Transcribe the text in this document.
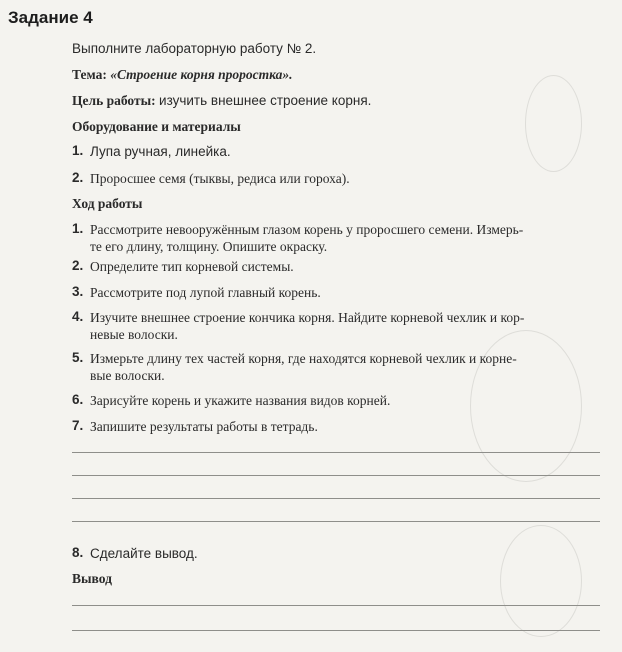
Задание 4
Выполните лабораторную работу № 2.
Тема: «Строение корня проростка».
Цель работы: изучить внешнее строение корня.
Оборудование и материалы
1. Лупа ручная, линейка.
2. Проросшее семя (тыквы, редиса или гороха).
Ход работы
1. Рассмотрите невооружённым глазом корень у проросшего семени. Измерь-
те его длину, толщину. Опишите окраску.
2. Определите тип корневой системы.
3. Рассмотрите под лупой главный корень.
4. Изучите внешнее строение кончика корня. Найдите корневой чехлик и кор-
невые волоски.
5. Измерьте длину тех частей корня, где находятся корневой чехлик и корне-
вые волоски.
6. Зарисуйте корень и укажите названия видов корней.
7. Запишите результаты работы в тетрадь.
8. Сделайте вывод.
Вывод
